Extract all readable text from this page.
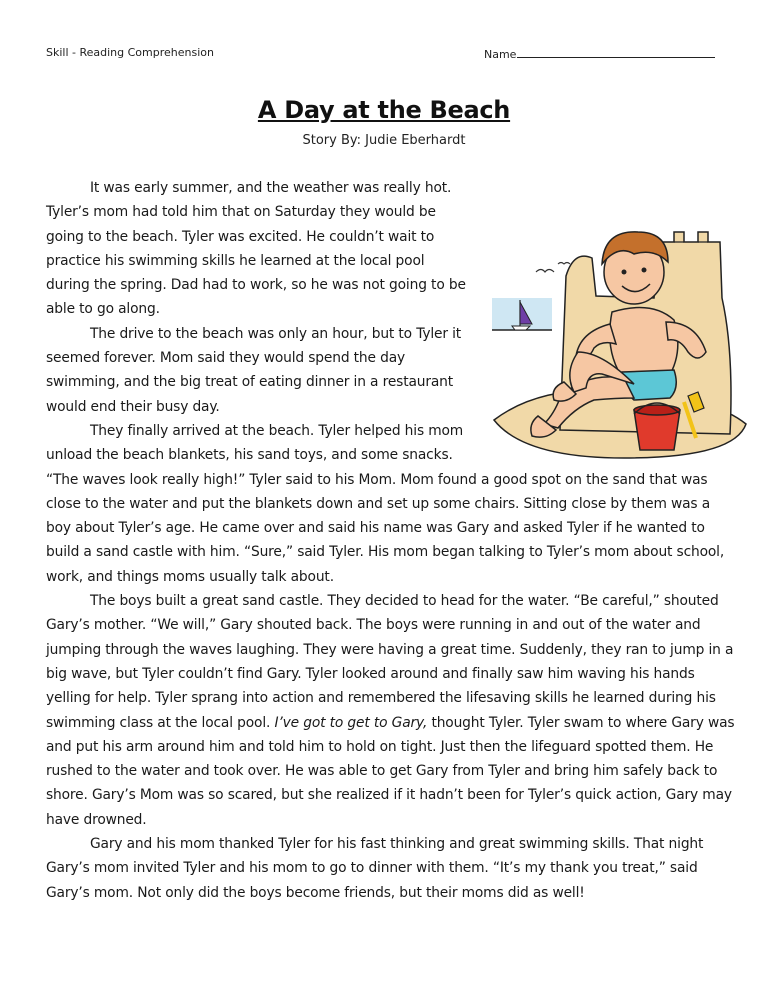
Skill - Reading Comprehension	Name
A Day at the Beach
Story By: Judie Eberhardt

It was early summer, and the weather was really hot. Tyler’s mom had told him that on Saturday they would be going to the beach. Tyler was excited. He couldn’t wait to practice his swimming skills he learned at the local pool during the spring. Dad had to work, so he was not going to be able to go along.

The drive to the beach was only an hour, but to Tyler it seemed forever. Mom said they would spend the day swimming, and the big treat of eating dinner in a restaurant would end their busy day.

They finally arrived at the beach. Tyler helped his mom unload the beach blankets, his sand toys, and some snacks. “The waves look really high!” Tyler said to his Mom. Mom found a good spot on the sand that was close to the water and put the blankets down and set up some chairs. Sitting close by them was a boy about Tyler’s age. He came over and said his name was Gary and asked Tyler if he wanted to build a sand castle with him. “Sure,” said Tyler. His mom began talking to Tyler’s mom about school, work, and things moms usually talk about.

The boys built a great sand castle. They decided to head for the water. “Be careful,” shouted Gary’s mother. “We will,” Gary shouted back. The boys were running in and out of the water and jumping through the waves laughing. They were having a great time. Suddenly, they ran to jump in a big wave, but Tyler couldn’t find Gary. Tyler looked around and finally saw him waving his hands yelling for help. Tyler sprang into action and remembered the lifesaving skills he learned during his swimming class at the local pool. I’ve got to get to Gary, thought Tyler. Tyler swam to where Gary was and put his arm around him and told him to hold on tight. Just then the lifeguard spotted them. He rushed to the water and took over. He was able to get Gary from Tyler and bring him safely back to shore. Gary’s Mom was so scared, but she realized if it hadn’t been for Tyler’s quick action, Gary may have drowned.

Gary and his mom thanked Tyler for his fast thinking and great swimming skills. That night Gary’s mom invited Tyler and his mom to go to dinner with them. “It’s my thank you treat,” said Gary’s mom. Not only did the boys become friends, but their moms did as well!
